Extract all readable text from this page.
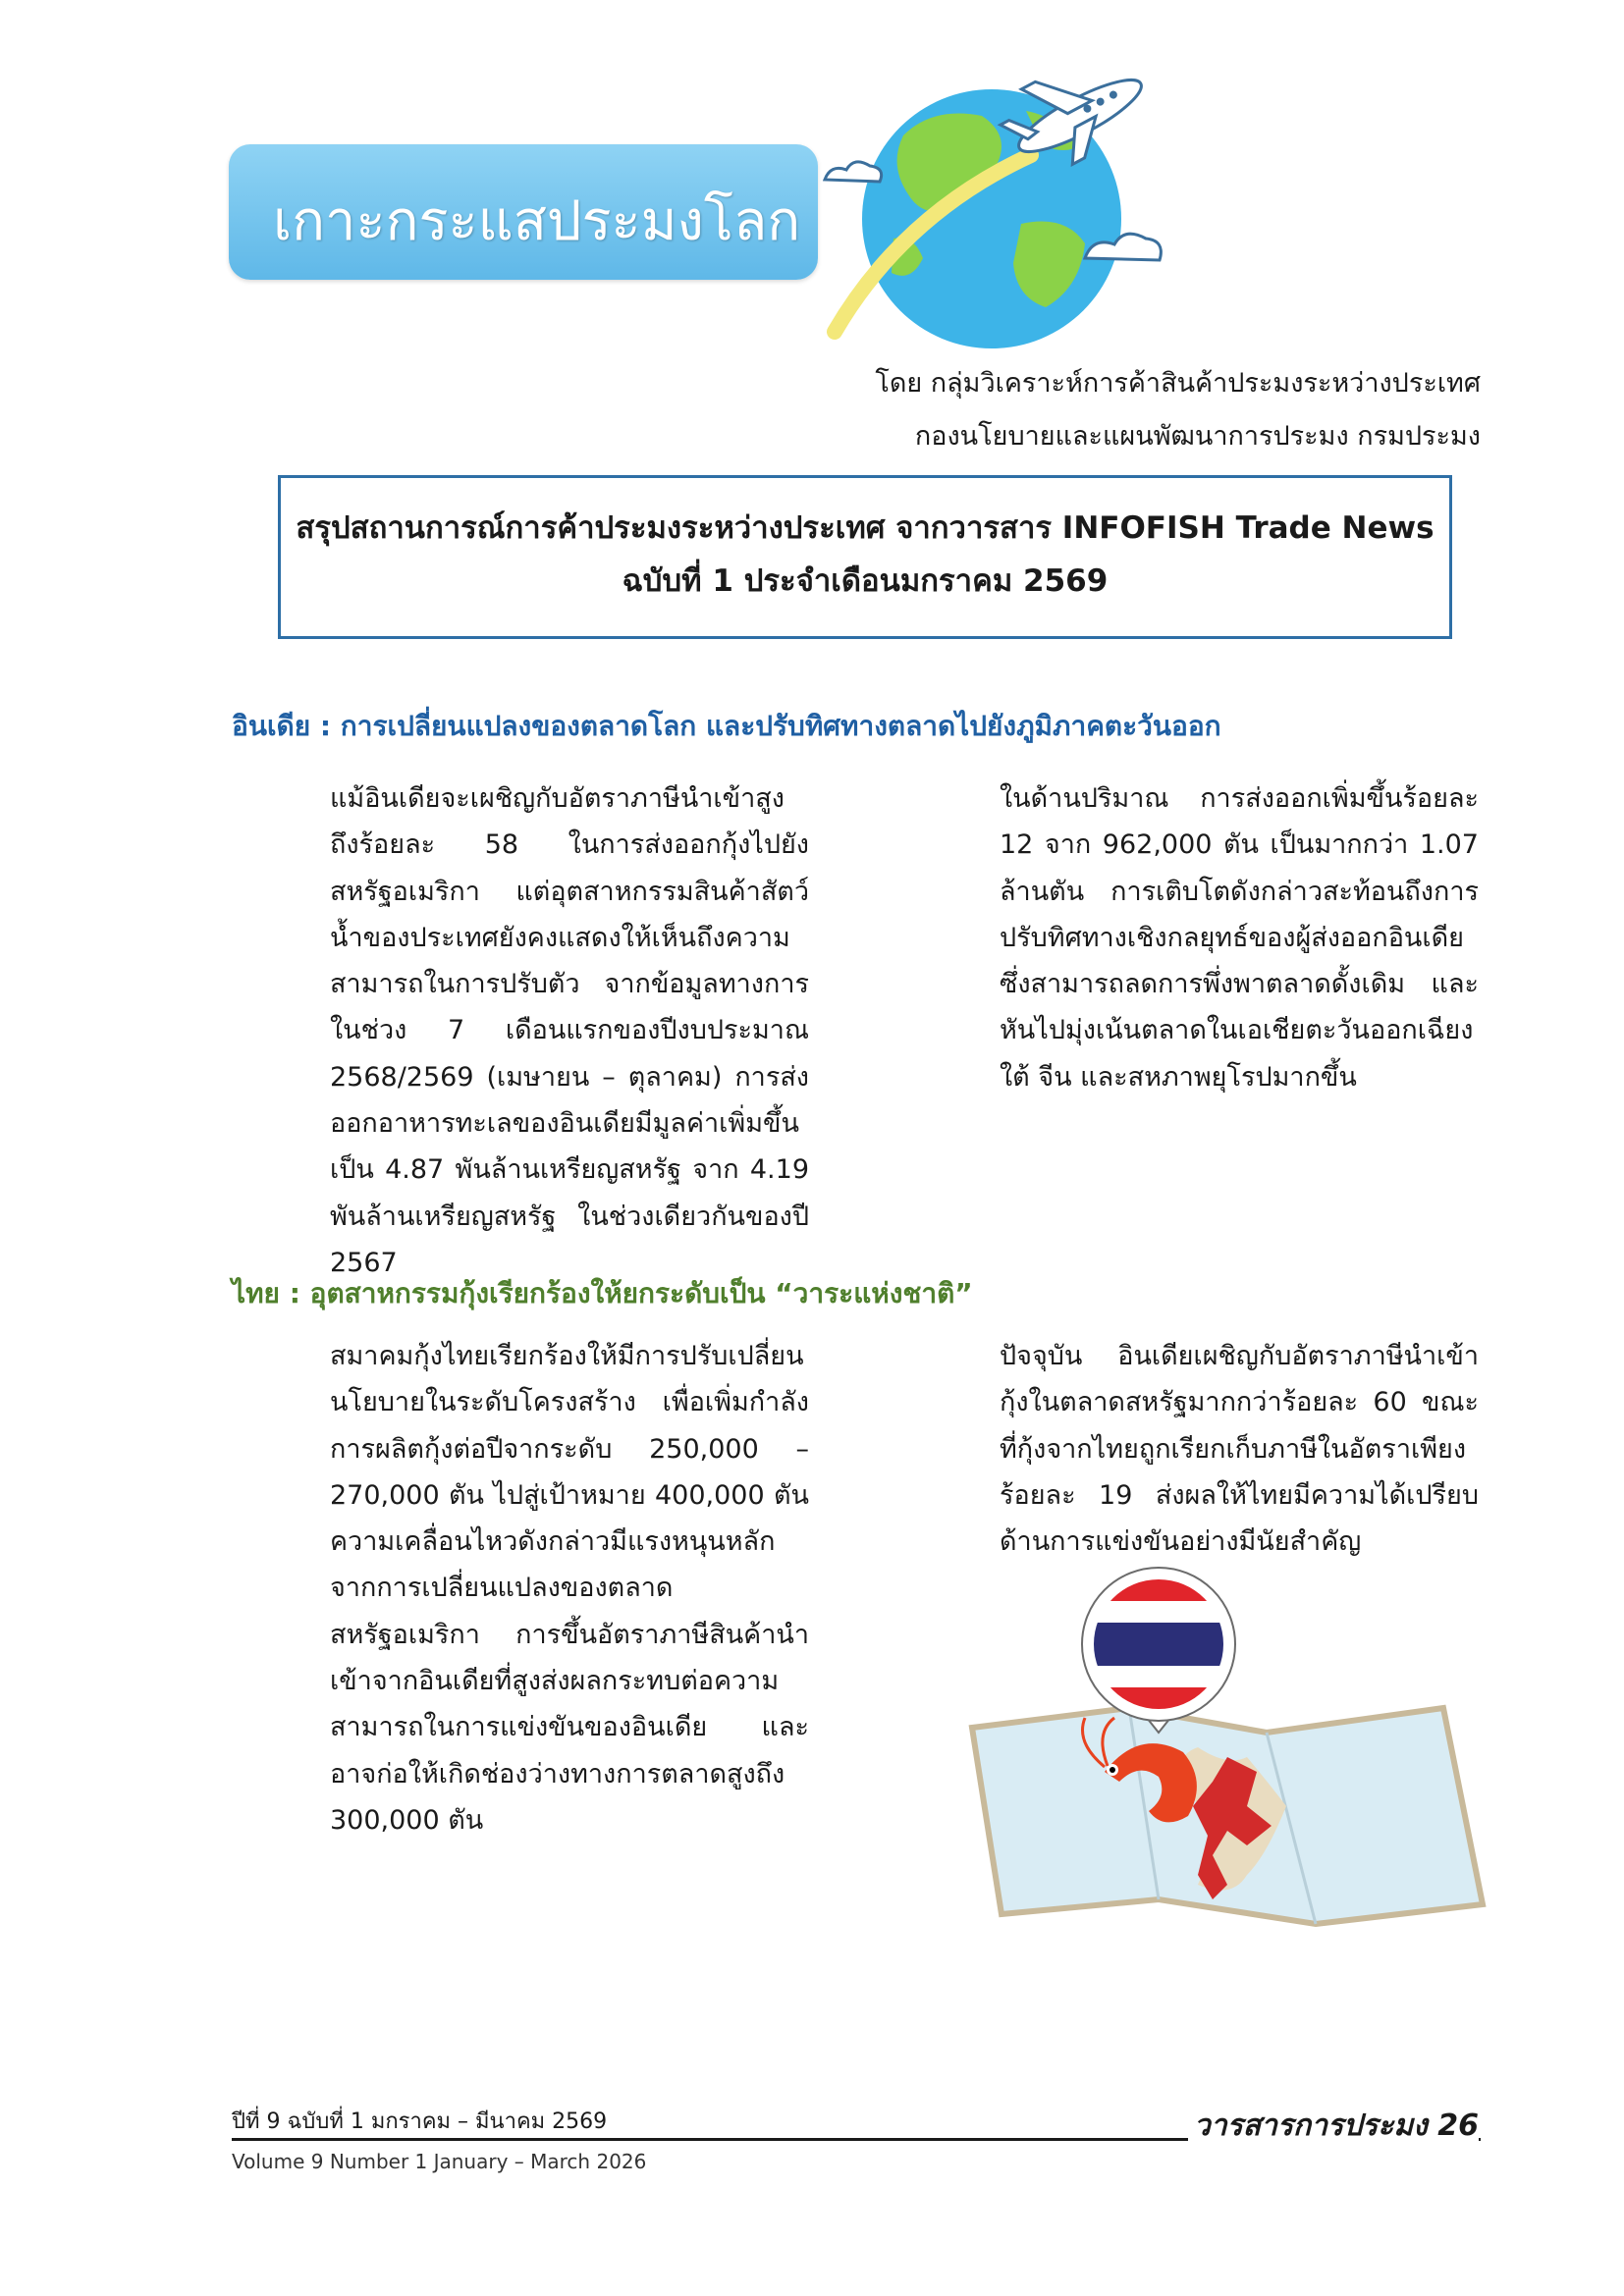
เกาะกระแสประมงโลก
โดย กลุ่มวิเคราะห์การค้าสินค้าประมงระหว่างประเทศ
กองนโยบายและแผนพัฒนาการประมง กรมประมง
สรุปสถานการณ์การค้าประมงระหว่างประเทศ จากวารสาร INFOFISH Trade News
ฉบับที่ 1 ประจำเดือนมกราคม 2569
อินเดีย : การเปลี่ยนแปลงของตลาดโลก และปรับทิศทางตลาดไปยังภูมิภาคตะวันออก
แม้อินเดียจะเผชิญกับอัตราภาษีนำเข้าสูงถึงร้อยละ 58 ในการส่งออกกุ้งไปยังสหรัฐอเมริกา แต่อุตสาหกรรมสินค้าสัตว์น้ำของประเทศยังคงแสดงให้เห็นถึงความสามารถในการปรับตัว จากข้อมูลทางการในช่วง 7 เดือนแรกของปีงบประมาณ 2568/2569 (เมษายน – ตุลาคม) การส่งออกอาหารทะเลของอินเดียมีมูลค่าเพิ่มขึ้นเป็น 4.87 พันล้านเหรียญสหรัฐ จาก 4.19 พันล้านเหรียญสหรัฐ ในช่วงเดียวกันของปี 2567
ในด้านปริมาณ การส่งออกเพิ่มขึ้นร้อยละ 12 จาก 962,000 ตัน เป็นมากกว่า 1.07 ล้านตัน การเติบโตดังกล่าวสะท้อนถึงการปรับทิศทางเชิงกลยุทธ์ของผู้ส่งออกอินเดีย ซึ่งสามารถลดการพึ่งพาตลาดดั้งเดิม และหันไปมุ่งเน้นตลาดในเอเชียตะวันออกเฉียงใต้ จีน และสหภาพยุโรปมากขึ้น
ไทย : อุตสาหกรรมกุ้งเรียกร้องให้ยกระดับเป็น “วาระแห่งชาติ”
สมาคมกุ้งไทยเรียกร้องให้มีการปรับเปลี่ยนนโยบายในระดับโครงสร้าง เพื่อเพิ่มกำลังการผลิตกุ้งต่อปีจากระดับ 250,000 – 270,000 ตัน ไปสู่เป้าหมาย 400,000 ตัน ความเคลื่อนไหวดังกล่าวมีแรงหนุนหลักจากการเปลี่ยนแปลงของตลาดสหรัฐอเมริกา การขึ้นอัตราภาษีสินค้านำเข้าจากอินเดียที่สูงส่งผลกระทบต่อความสามารถในการแข่งขันของอินเดีย และอาจก่อให้เกิดช่องว่างทางการตลาดสูงถึง 300,000 ตัน
ปัจจุบัน อินเดียเผชิญกับอัตราภาษีนำเข้ากุ้งในตลาดสหรัฐมากกว่าร้อยละ 60 ขณะที่กุ้งจากไทยถูกเรียกเก็บภาษีในอัตราเพียงร้อยละ 19 ส่งผลให้ไทยมีความได้เปรียบด้านการแข่งขันอย่างมีนัยสำคัญ
ปีที่ 9 ฉบับที่ 1 มกราคม – มีนาคม 2569
Volume 9 Number 1 January – March 2026
วารสารการประมง 26
